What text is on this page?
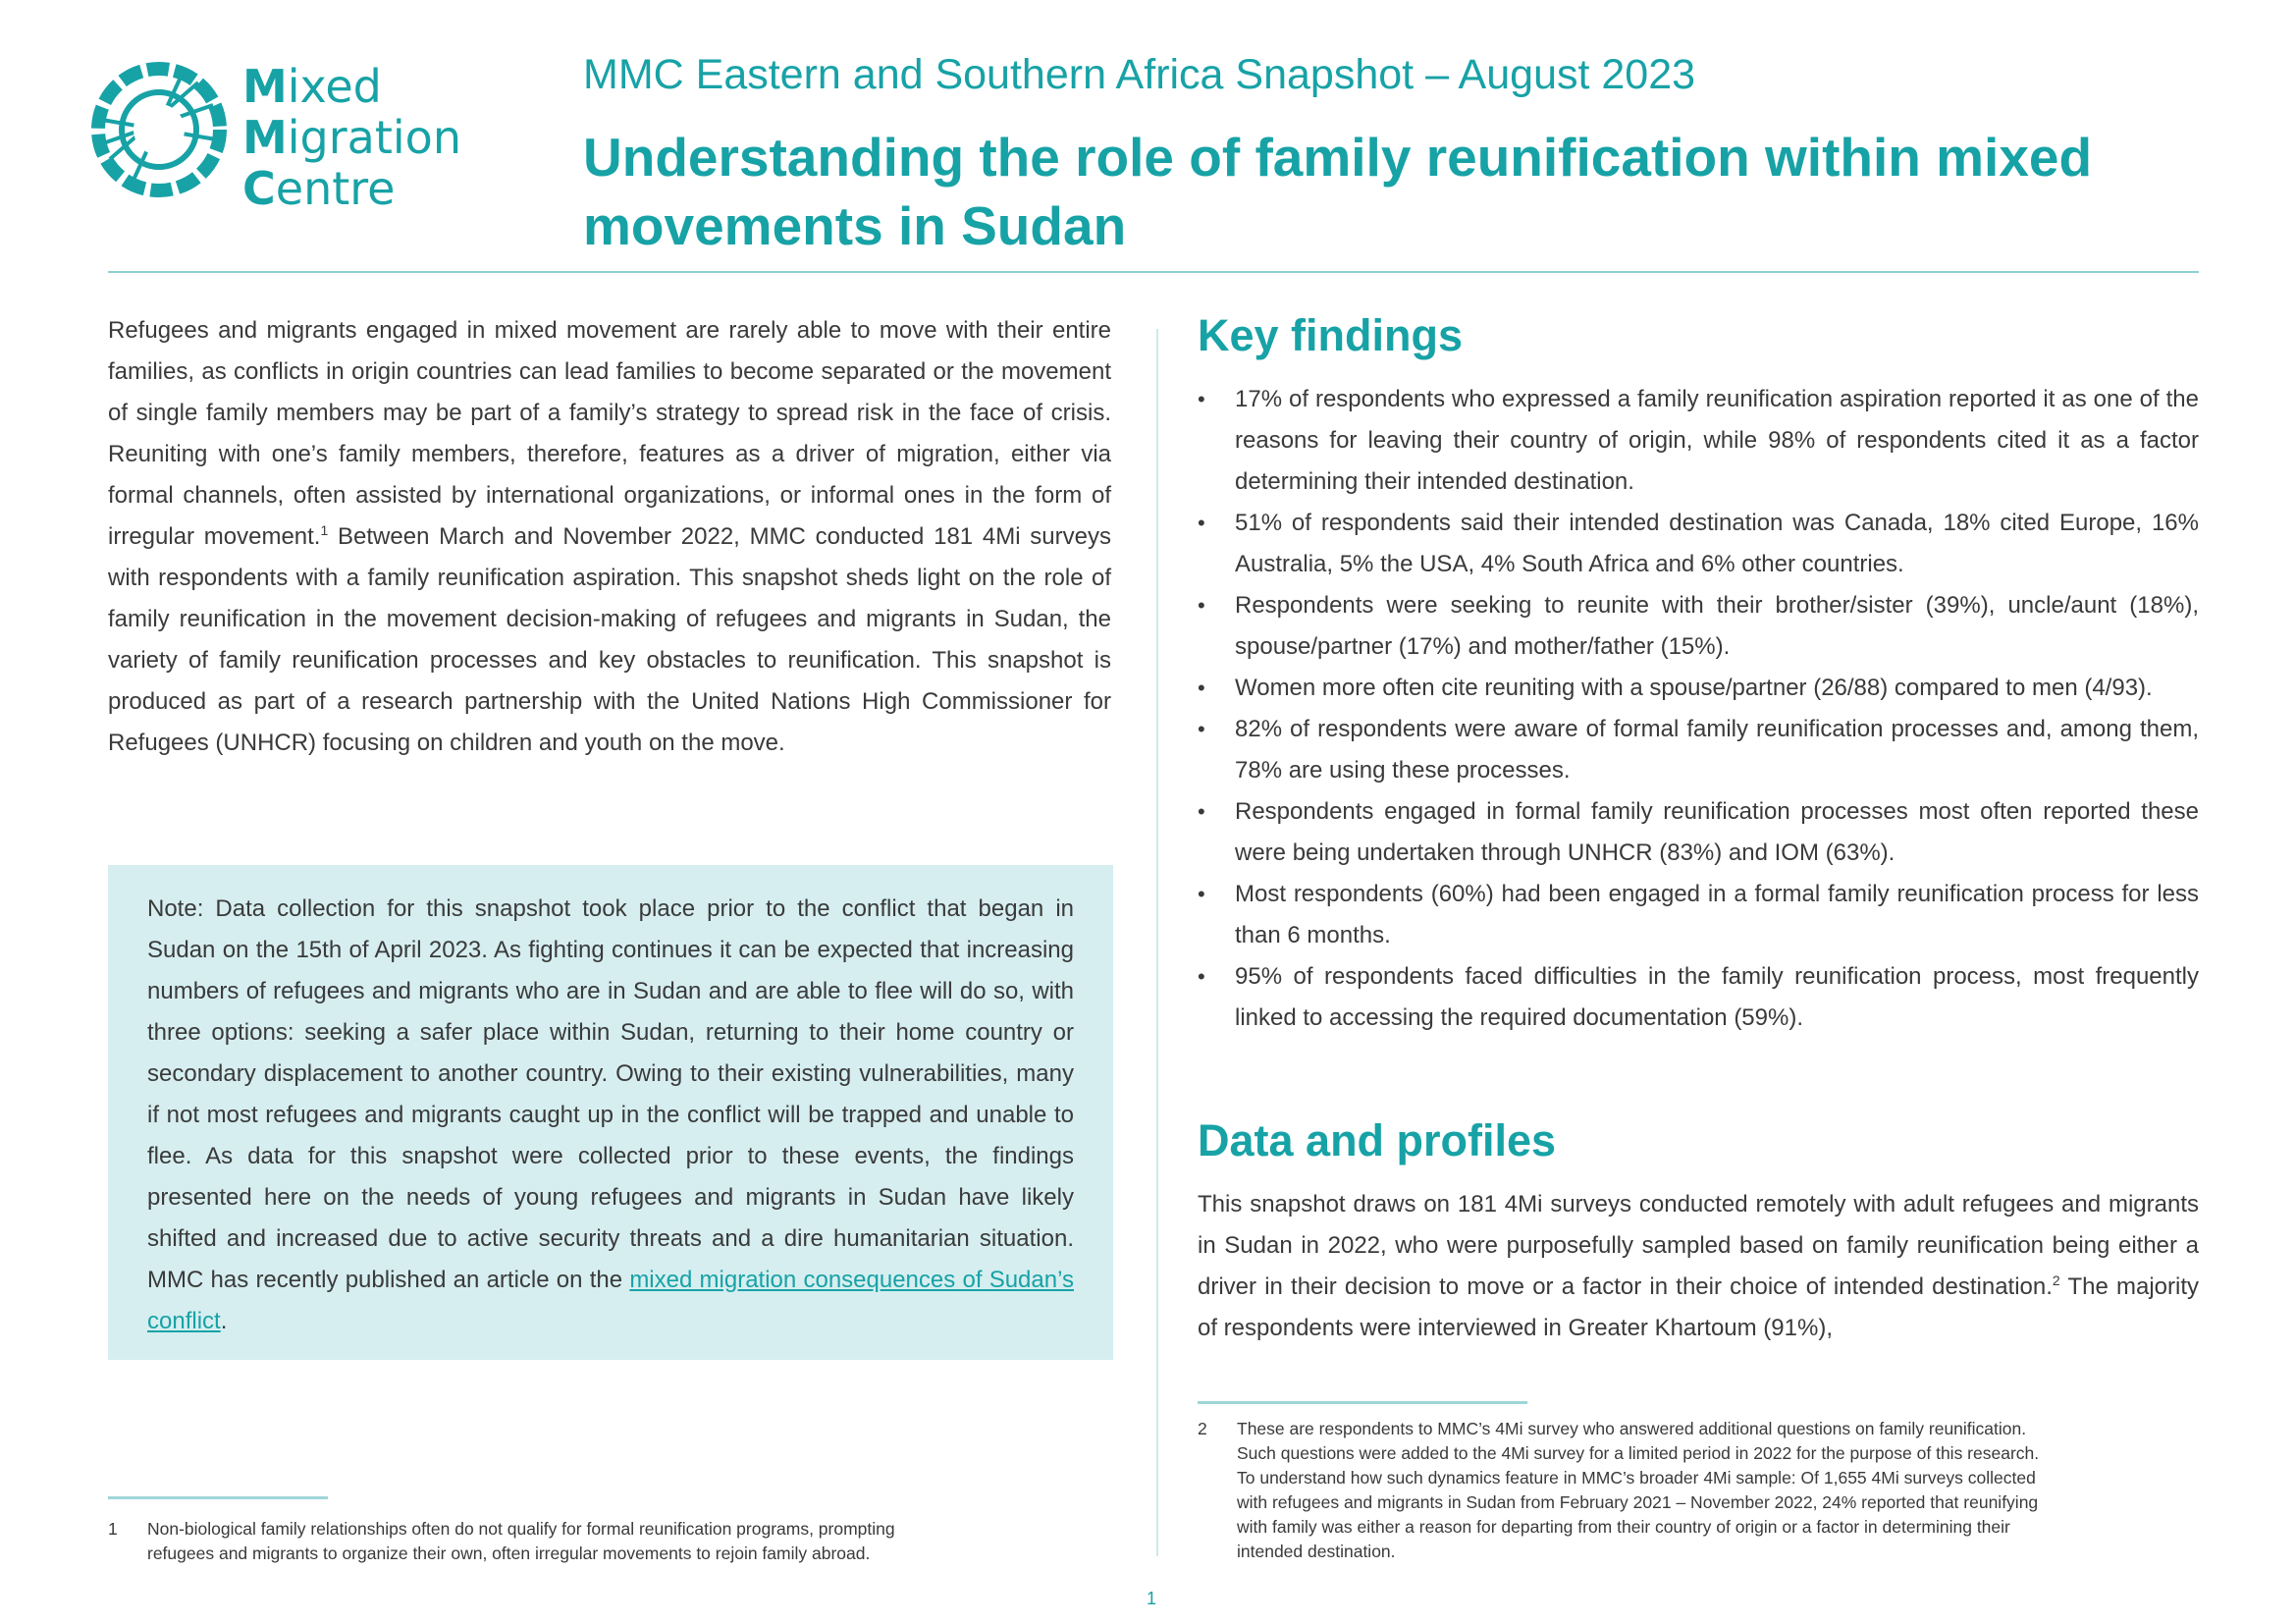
Mixed
Migration
Centre
MMC Eastern and Southern Africa Snapshot – August 2023
Understanding the role of family reunification within mixed movements in Sudan

Refugees and migrants engaged in mixed movement are rarely able to move with their entire families, as conflicts in origin countries can lead families to become separated or the movement of single family members may be part of a family’s strategy to spread risk in the face of crisis. Reuniting with one’s family members, therefore, features as a driver of migration, either via formal channels, often assisted by international organizations, or informal ones in the form of irregular movement.$^1$ Between March and November 2022, MMC conducted 181 4Mi surveys with respondents with a family reunification aspiration. This snapshot sheds light on the role of family reunification in the movement decision-making of refugees and migrants in Sudan, the variety of family reunification processes and key obstacles to reunification. This snapshot is produced as part of a research partnership with the United Nations High Commissioner for Refugees (UNHCR) focusing on children and youth on the move.

Note: Data collection for this snapshot took place prior to the conflict that began in Sudan on the 15th of April 2023. As fighting continues it can be expected that increasing numbers of refugees and migrants who are in Sudan and are able to flee will do so, with three options: seeking a safer place within Sudan, returning to their home country or secondary displacement to another country. Owing to their existing vulnerabilities, many if not most refugees and migrants caught up in the conflict will be trapped and unable to flee. As data for this snapshot were collected prior to these events, the findings presented here on the needs of young refugees and migrants in Sudan have likely shifted and increased due to active security threats and a dire humanitarian situation. MMC has recently published an article on the mixed migration consequences of Sudan’s conflict.

1 Non-biological family relationships often do not qualify for formal reunification programs, prompting
refugees and migrants to organize their own, often irregular movements to rejoin family abroad.
Key findings
• 17% of respondents who expressed a family reunification aspiration reported it as one of the reasons for leaving their country of origin, while 98% of respondents cited it as a factor determining their intended destination.
• 51% of respondents said their intended destination was Canada, 18% cited Europe, 16% Australia, 5% the USA, 4% South Africa and 6% other countries.
• Respondents were seeking to reunite with their brother/sister (39%), uncle/aunt (18%), spouse/partner (17%) and mother/father (15%).
• Women more often cite reuniting with a spouse/partner (26/88) compared to men (4/93).
• 82% of respondents were aware of formal family reunification processes and, among them, 78% are using these processes.
• Respondents engaged in formal family reunification processes most often reported these were being undertaken through UNHCR (83%) and IOM (63%).
• Most respondents (60%) had been engaged in a formal family reunification process for less than 6 months.
• 95% of respondents faced difficulties in the family reunification process, most frequently linked to accessing the required documentation (59%).
Data and profiles

This snapshot draws on 181 4Mi surveys conducted remotely with adult refugees and migrants in Sudan in 2022, who were purposefully sampled based on family reunification being either a driver in their decision to move or a factor in their choice of intended destination.$^2$ The majority of respondents were interviewed in Greater Khartoum (91%),

2 These are respondents to MMC’s 4Mi survey who answered additional questions on family reunification.
Such questions were added to the 4Mi survey for a limited period in 2022 for the purpose of this research.
To understand how such dynamics feature in MMC’s broader 4Mi sample: Of 1,655 4Mi surveys collected
with refugees and migrants in Sudan from February 2021 – November 2022, 24% reported that reunifying
with family was either a reason for departing from their country of origin or a factor in determining their
intended destination.
1
